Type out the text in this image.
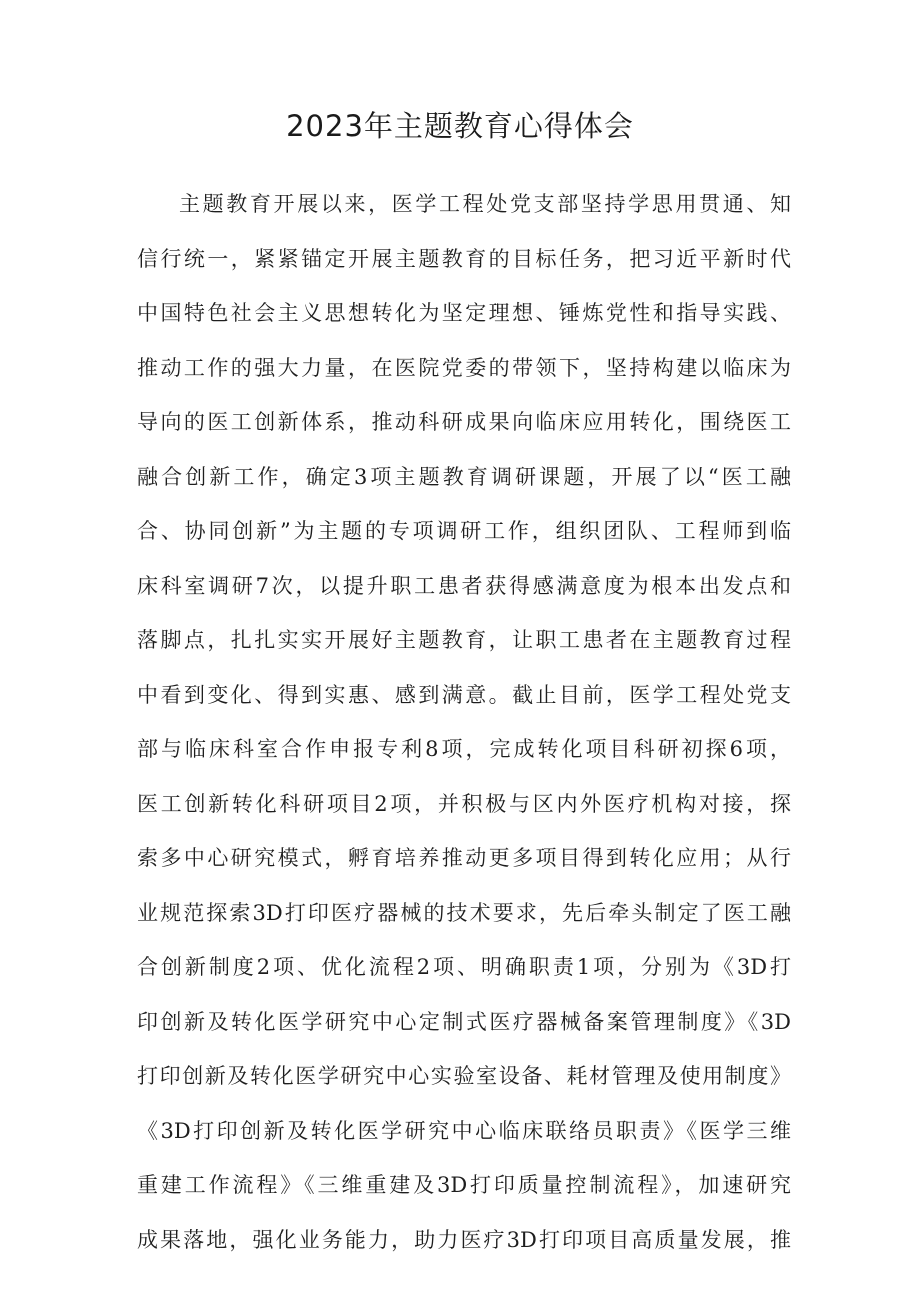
2023年主题教育心得体会
主题教育开展以来，医学工程处党支部坚持学思用贯通、知
信行统一，紧紧锚定开展主题教育的目标任务，把习近平新时代
中国特色社会主义思想转化为坚定理想、锤炼党性和指导实践、
推动工作的强大力量，在医院党委的带领下，坚持构建以临床为
导向的医工创新体系，推动科研成果向临床应用转化，围绕医工
融合创新工作，确定3项主题教育调研课题，开展了以“医工融
合、协同创新”为主题的专项调研工作，组织团队、工程师到临
床科室调研7次，以提升职工患者获得感满意度为根本出发点和
落脚点，扎扎实实开展好主题教育，让职工患者在主题教育过程
中看到变化、得到实惠、感到满意。截止目前，医学工程处党支
部与临床科室合作申报专利8项，完成转化项目科研初探6项，
医工创新转化科研项目2项，并积极与区内外医疗机构对接，探
索多中心研究模式，孵育培养推动更多项目得到转化应用；从行
业规范探索3D打印医疗器械的技术要求，先后牵头制定了医工融
合创新制度2项、优化流程2项、明确职责1项，分别为《3D打
印创新及转化医学研究中心定制式医疗器械备案管理制度》《3D
打印创新及转化医学研究中心实验室设备、耗材管理及使用制度》
《3D打印创新及转化医学研究中心临床联络员职责》《医学三维
重建工作流程》《三维重建及3D打印质量控制流程》，加速研究
成果落地，强化业务能力，助力医疗3D打印项目高质量发展，推
